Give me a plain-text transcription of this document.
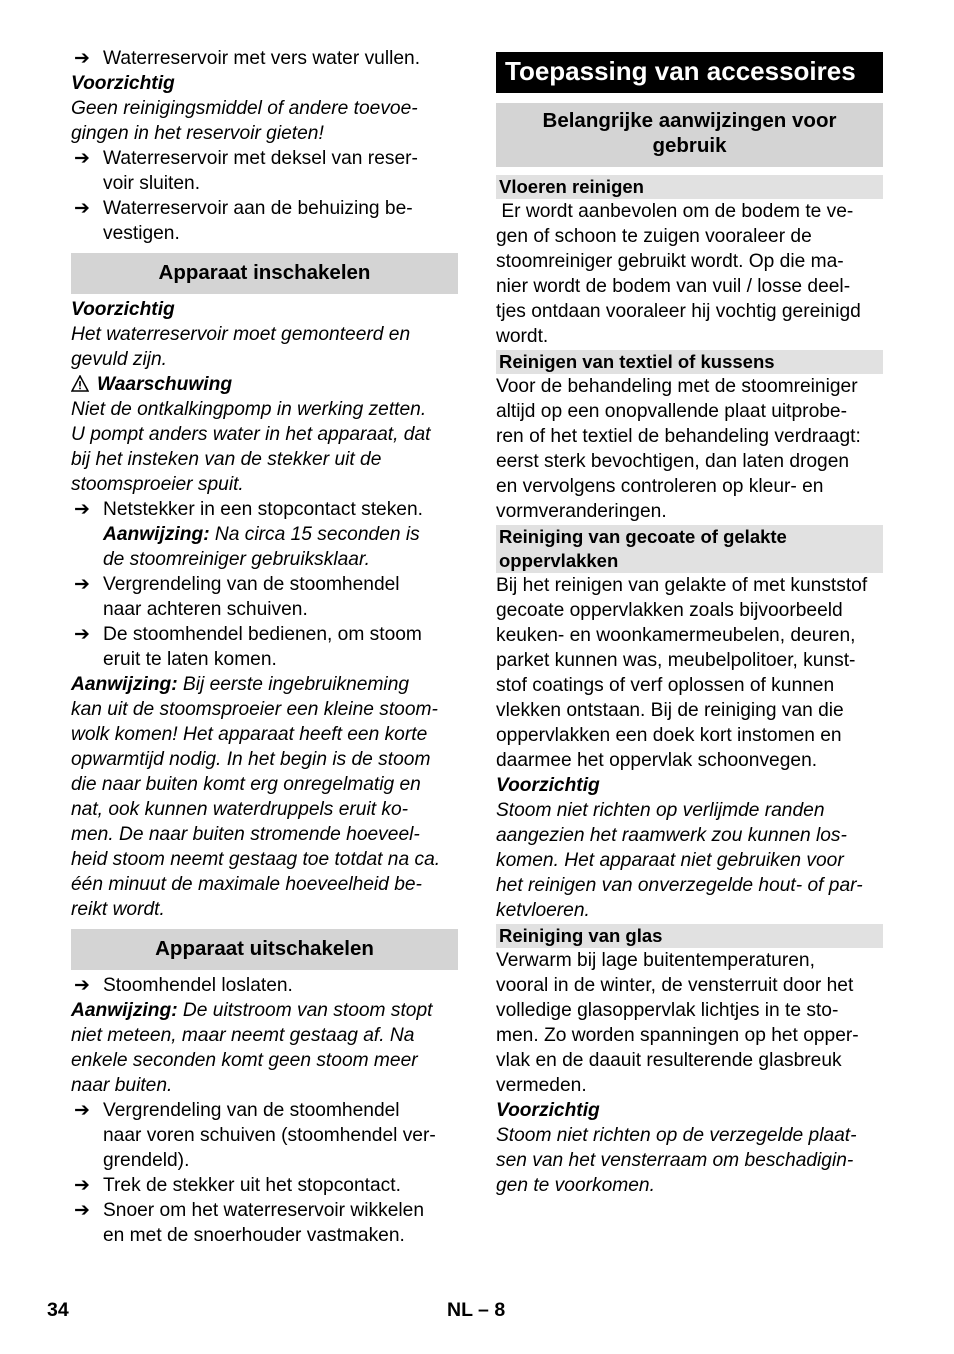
➔ Waterreservoir met vers water vullen.
Voorzichtig
Geen reinigingsmiddel of andere toevoe-
gingen in het reservoir gieten!
➔ Waterreservoir met deksel van reser-
voir sluiten.
➔ Waterreservoir aan de behuizing be-
vestigen.
Apparaat inschakelen
Voorzichtig
Het waterreservoir moet gemonteerd en
gevuld zijn.
Waarschuwing
Niet de ontkalkingpomp in werking zetten.
U pompt anders water in het apparaat, dat
bij het insteken van de stekker uit de
stoomsproeier spuit.
➔ Netstekker in een stopcontact steken.
Aanwijzing: Na circa 15 seconden is
de stoomreiniger gebruiksklaar.
➔ Vergrendeling van de stoomhendel
naar achteren schuiven.
➔ De stoomhendel bedienen, om stoom
eruit te laten komen.
Aanwijzing: Bij eerste ingebruikneming
kan uit de stoomsproeier een kleine stoom-
wolk komen! Het apparaat heeft een korte
opwarmtijd nodig. In het begin is de stoom
die naar buiten komt erg onregelmatig en
nat, ook kunnen waterdruppels eruit ko-
men. De naar buiten stromende hoeveel-
heid stoom neemt gestaag toe totdat na ca.
één minuut de maximale hoeveelheid be-
reikt wordt.
Apparaat uitschakelen
➔ Stoomhendel loslaten.
Aanwijzing: De uitstroom van stoom stopt
niet meteen, maar neemt gestaag af. Na
enkele seconden komt geen stoom meer
naar buiten.
➔ Vergrendeling van de stoomhendel
naar voren schuiven (stoomhendel ver-
grendeld).
➔ Trek de stekker uit het stopcontact.
➔ Snoer om het waterreservoir wikkelen
en met de snoerhouder vastmaken.
Toepassing van accessoires
Belangrijke aanwijzingen voor
gebruik
Vloeren reinigen
Er wordt aanbevolen om de bodem te ve-
gen of schoon te zuigen vooraleer de
stoomreiniger gebruikt wordt. Op die ma-
nier wordt de bodem van vuil / losse deel-
tjes ontdaan vooraleer hij vochtig gereinigd
wordt.
Reinigen van textiel of kussens
Voor de behandeling met de stoomreiniger
altijd op een onopvallende plaat uitprobe-
ren of het textiel de behandeling verdraagt:
eerst sterk bevochtigen, dan laten drogen
en vervolgens controleren op kleur- en
vormveranderingen.
Reiniging van gecoate of gelakte
oppervlakken
Bij het reinigen van gelakte of met kunststof
gecoate oppervlakken zoals bijvoorbeeld
keuken- en woonkamermeubelen, deuren,
parket kunnen was, meubelpolitoer, kunst-
stof coatings of verf oplossen of kunnen
vlekken ontstaan. Bij de reiniging van die
oppervlakken een doek kort instomen en
daarmee het oppervlak schoonvegen.
Voorzichtig
Stoom niet richten op verlijmde randen
aangezien het raamwerk zou kunnen los-
komen. Het apparaat niet gebruiken voor
het reinigen van onverzegelde hout- of par-
ketvloeren.
Reiniging van glas
Verwarm bij lage buitentemperaturen,
vooral in de winter, de vensterruit door het
volledige glasoppervlak lichtjes in te sto-
men. Zo worden spanningen op het opper-
vlak en de daauit resulterende glasbreuk
vermeden.
Voorzichtig
Stoom niet richten op de verzegelde plaat-
sen van het vensterraam om beschadigin-
gen te voorkomen.
34	NL – 8
